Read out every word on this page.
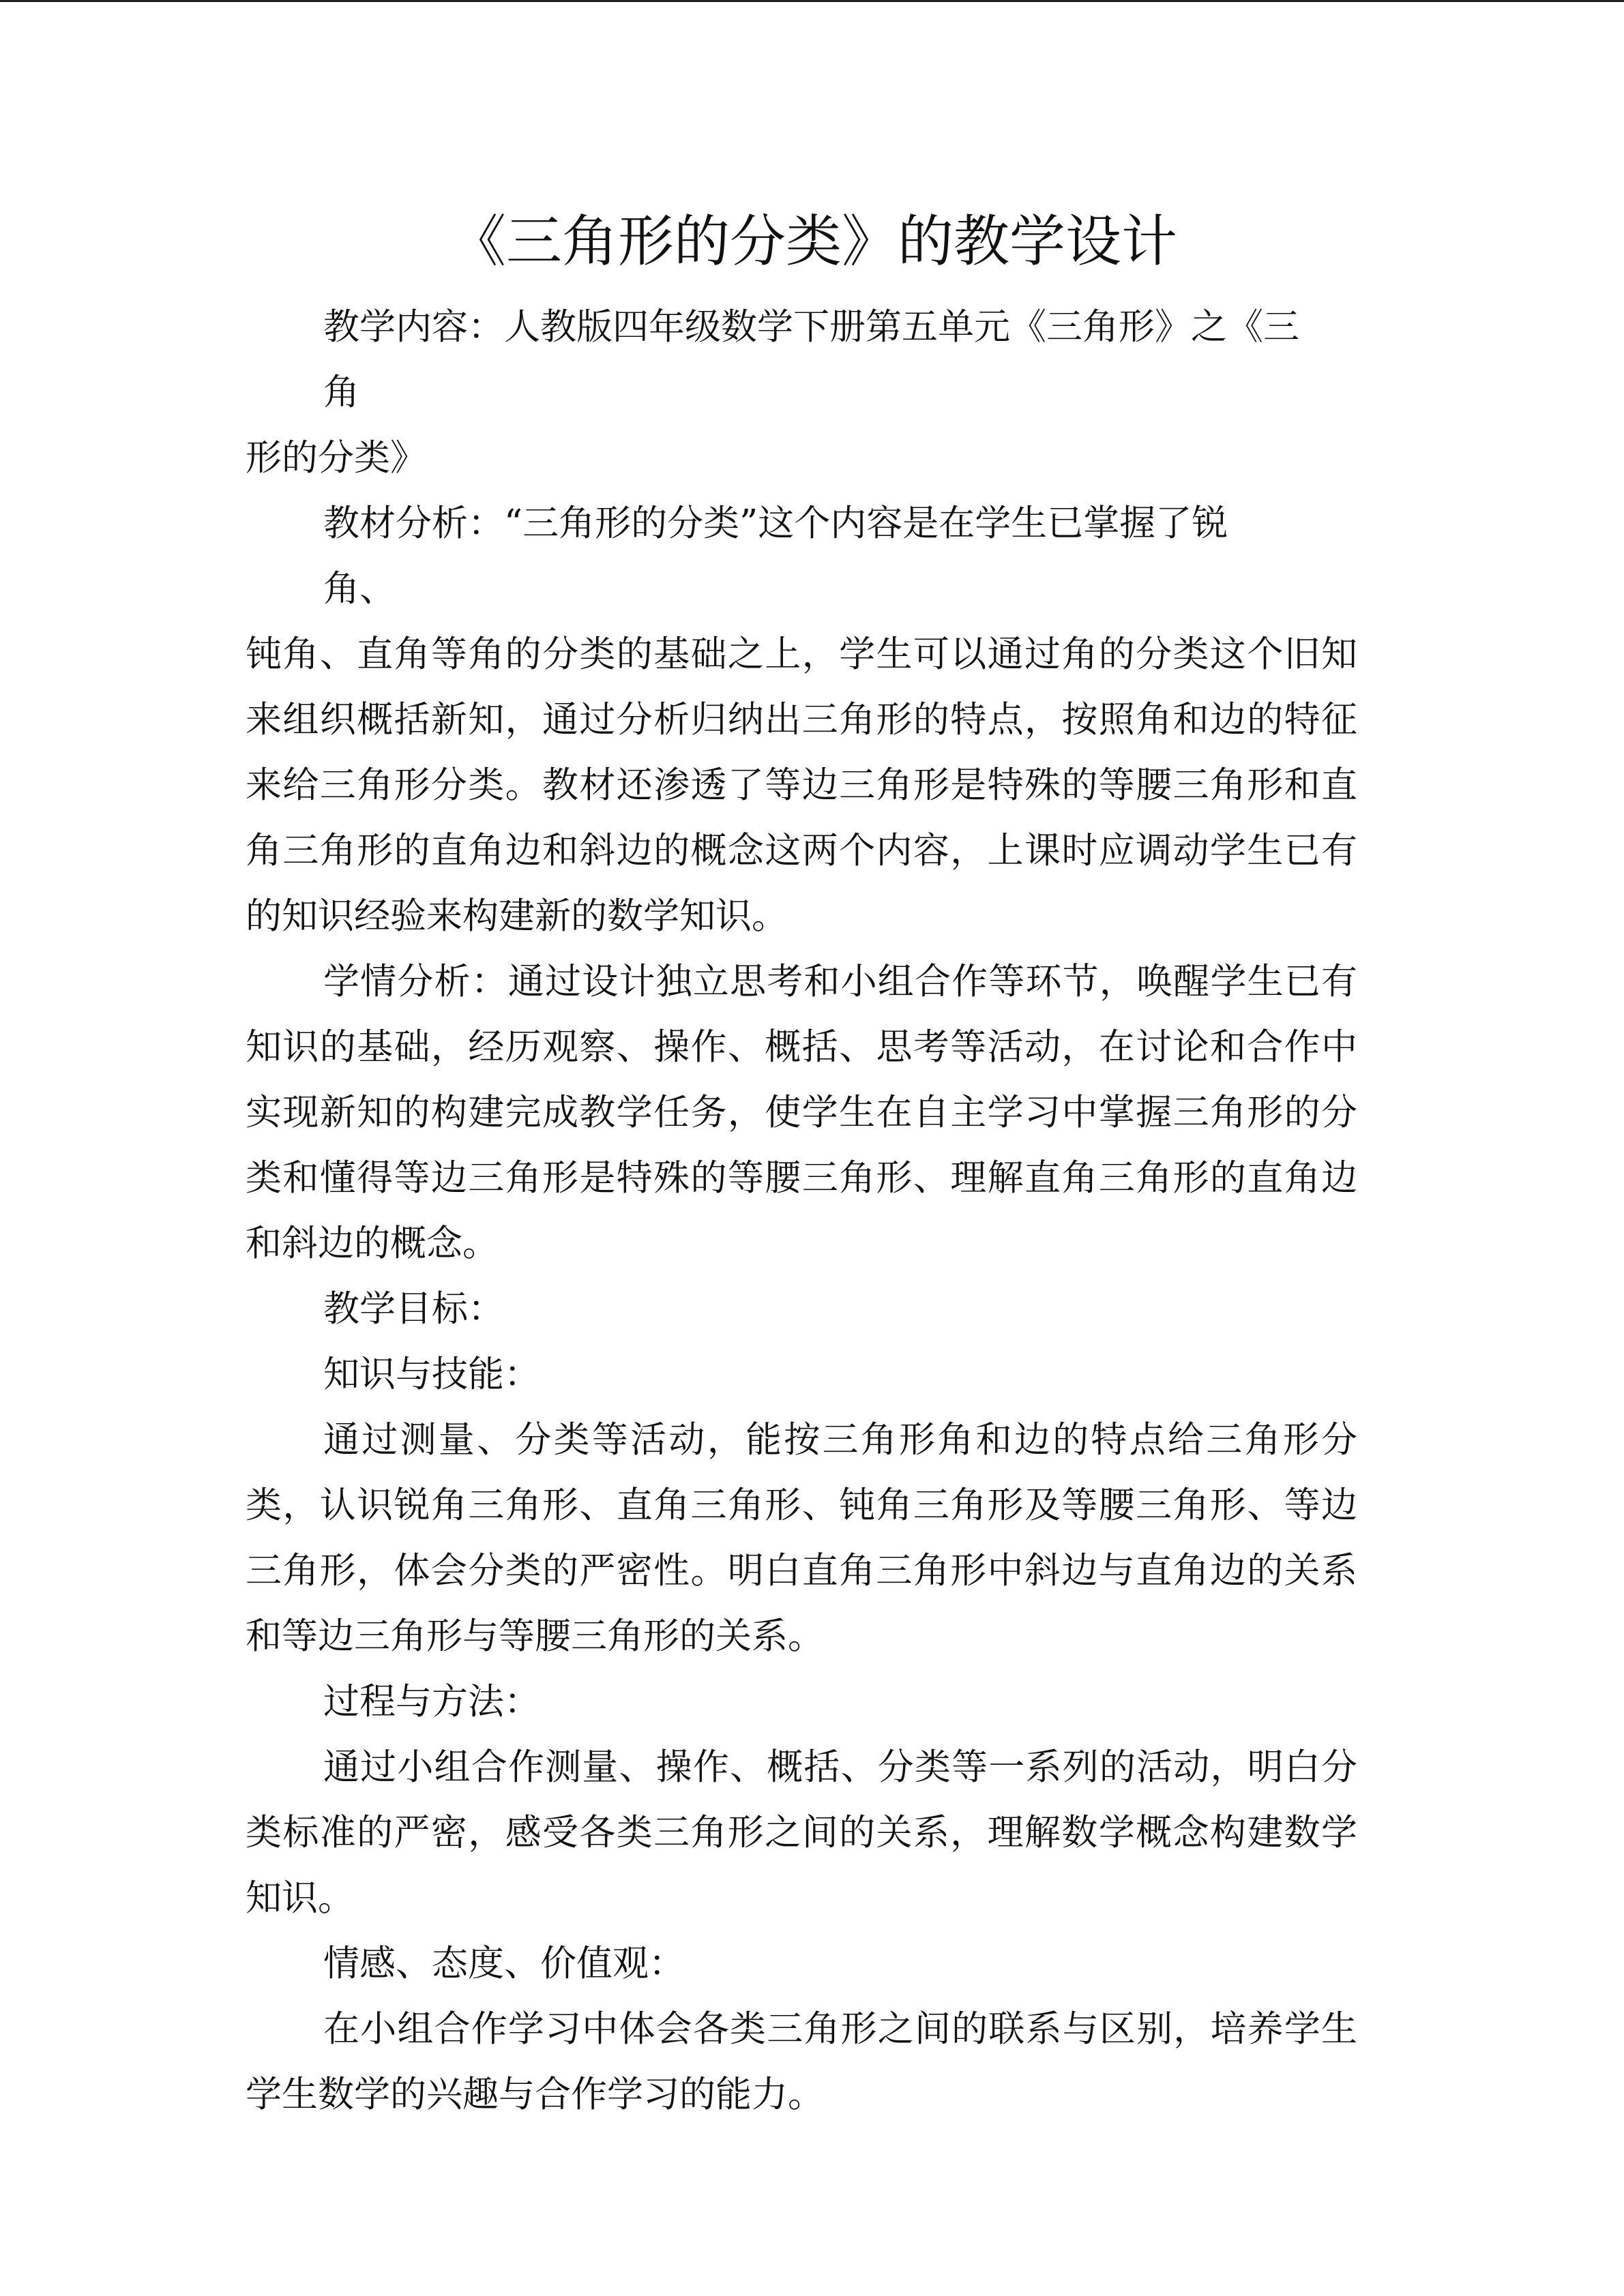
《三角形的分类》的教学设计

教学内容：人教版四年级数学下册第五单元《三角形》之《三

角

形的分类》

教材分析：“三角形的分类”这个内容是在学生已掌握了锐

角、

钝角、直角等角的分类的基础之上，学生可以通过角的分类这个旧知来组织概括新知，通过分析归纳出三角形的特点，按照角和边的特征来给三角形分类。教材还渗透了等边三角形是特殊的等腰三角形和直角三角形的直角边和斜边的概念这两个内容，上课时应调动学生已有的知识经验来构建新的数学知识。

学情分析：通过设计独立思考和小组合作等环节，唤醒学生已有知识的基础，经历观察、操作、概括、思考等活动，在讨论和合作中实现新知的构建完成教学任务，使学生在自主学习中掌握三角形的分类和懂得等边三角形是特殊的等腰三角形、理解直角三角形的直角边和斜边的概念。

教学目标：

知识与技能：

通过测量、分类等活动，能按三角形角和边的特点给三角形分类，认识锐角三角形、直角三角形、钝角三角形及等腰三角形、等边三角形，体会分类的严密性。明白直角三角形中斜边与直角边的关系和等边三角形与等腰三角形的关系。

过程与方法：

通过小组合作测量、操作、概括、分类等一系列的活动，明白分类标准的严密，感受各类三角形之间的关系，理解数学概念构建数学知识。

情感、态度、价值观：

在小组合作学习中体会各类三角形之间的联系与区别，培养学生学生数学的兴趣与合作学习的能力。
